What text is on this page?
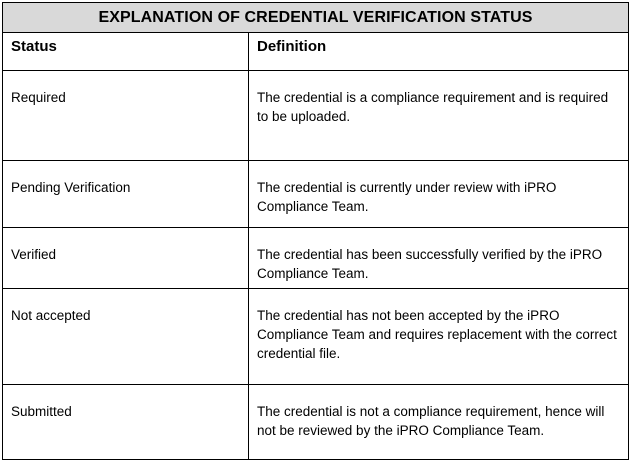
EXPLANATION OF CREDENTIAL VERIFICATION STATUS	

Status	Definition

Required	The credential is a compliance requirement and is required to be uploaded.

Pending Verification	The credential is currently under review with iPRO Compliance Team.

Verified	The credential has been successfully verified by the iPRO Compliance Team.

Not accepted	The credential has not been accepted by the iPRO Compliance Team and requires replacement with the correct credential file.

Submitted	The credential is not a compliance requirement, hence will not be reviewed by the iPRO Compliance Team.
